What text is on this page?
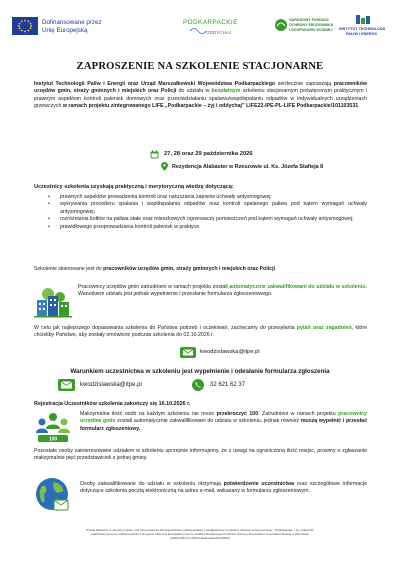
Dofinansowane przez
Unię Europejską
PODKARPACKIE
ODDYCHAJ
NARODOWY FUNDUSZ
OCHRONY ŚRODOWISKA
I GOSPODARKI WODNEJ INSTYTUT TECHNOLOGII
PALIW I ENERGII
ZAPROSZENIE NA SZKOLENIE STACJONARNE
Instytut Technologii Paliw i Energii oraz Urząd Marszałkowski Województwa Podkarpackiego serdecznie zapraszają pracowników urzędów gmin, straży gminnych i miejskich oraz Policji do udziału w bezpłatnym szkoleniu stacjonarnym poświęconym praktycznym i prawnym aspektom kontroli palenisk domowych oraz przeciwdziałaniu spalaniu/współspalaniu odpadów w indywidualnych urządzeniach grzewczych w ramach projektu zintegrowanego LIFE „Podkarpackie – żyj i oddychaj” LIFE22-IPE-PL-LIFE Podkarpackie/101103531
27, 28 oraz 29 października 2026
Rezydencja Alabaster w Rzeszowie ul. Ks. Józefa Stafieja 8
Uczestnicy szkolenia uzyskają praktyczną i merytoryczną wiedzę dotyczącą:
• prawnych aspektów prowadzenia kontroli oraz naruszania zapisów uchwały antysmogowej;
• wykrywania procederu spalania i współspalania odpadów oraz kontroli spalanego paliwa pod kątem wymagań uchwały antysmogowej;
• rozróżniania kotłów na paliwa stałe oraz mieszkowych ogrzewaczy pomieszczeń pod kątem wymagań uchwały antysmogowej;
• prawidłowego przeprowadzania kontroli palenisk w praktyce.
Szkolenie skierowane jest do pracowników urzędów gmin, straży gminnych i miejskich oraz Policji.
Pracownicy urzędów gmin zatrudnieni w ramach projektu zostali automatycznie zakwalifikowani do udziału w szkoleniu. Warunkiem udziału jest jednak wypełnienie i przesłanie formularza zgłoszeniowego.
W celu jak najlepszego dopasowania szkolenia do Państwa potrzeb i oczekiwań, zachęcamy do przesyłania pytań oraz zagadnień, które chcieliby Państwo, aby zostały omówione podczas szkolenia do 02.10.2026 r.
kwodzislawska@itpe.pl
Warunkiem uczestnictwa w szkoleniu jest wypełnienie i odesłanie formularza zgłoszenia
kwodzislawska@itpe.pl	32 621 62 37
Rejestracja Uczestników szkolenia zakończy się 16.10.2026 r.
100
Maksymalna ilość osób na każdym szkoleniu nie może przekroczyć 100. Zatrudnieni w ramach projektu pracownicy urzędów gmin zostali automatycznie zakwalifikowani do udziału w szkoleniu, jednak również muszą wypełnić i przesłać formularz zgłoszeniowy.
Pozostałe osoby zainteresowane udziałem w szkoleniu uprzejmie informujemy, że z uwagi na ograniczoną ilość miejsc, prosimy o zgłaszanie maksymalnie pięć przedstawicieli z jednej gminy.
Osoby zakwalifikowane do udziału w szkoleniu otrzymają potwierdzenie uczestnictwa oraz szczegółowe informacje dotyczące szkolenia pocztą elektroniczną na adres e-mail, wskazany w formularzu zgłoszeniowym.
Projekt Szkolenie w ramach projektu „Ochrona powietrza dla województwa podkarpackiego z uwzględnieniem problemu ubóstwa energetycznego: “Podkarpackie – żyj i oddychaj”
realizowany jest przy dofinansowaniu z programu LIFE Unii Europejskiej oraz ze środków Narodowego Funduszu Ochrony Środowiska i Gospodarki Wodnej w Warszawie
LIFE22-IPE-PL-LIFE Podkarpackie/101103531
